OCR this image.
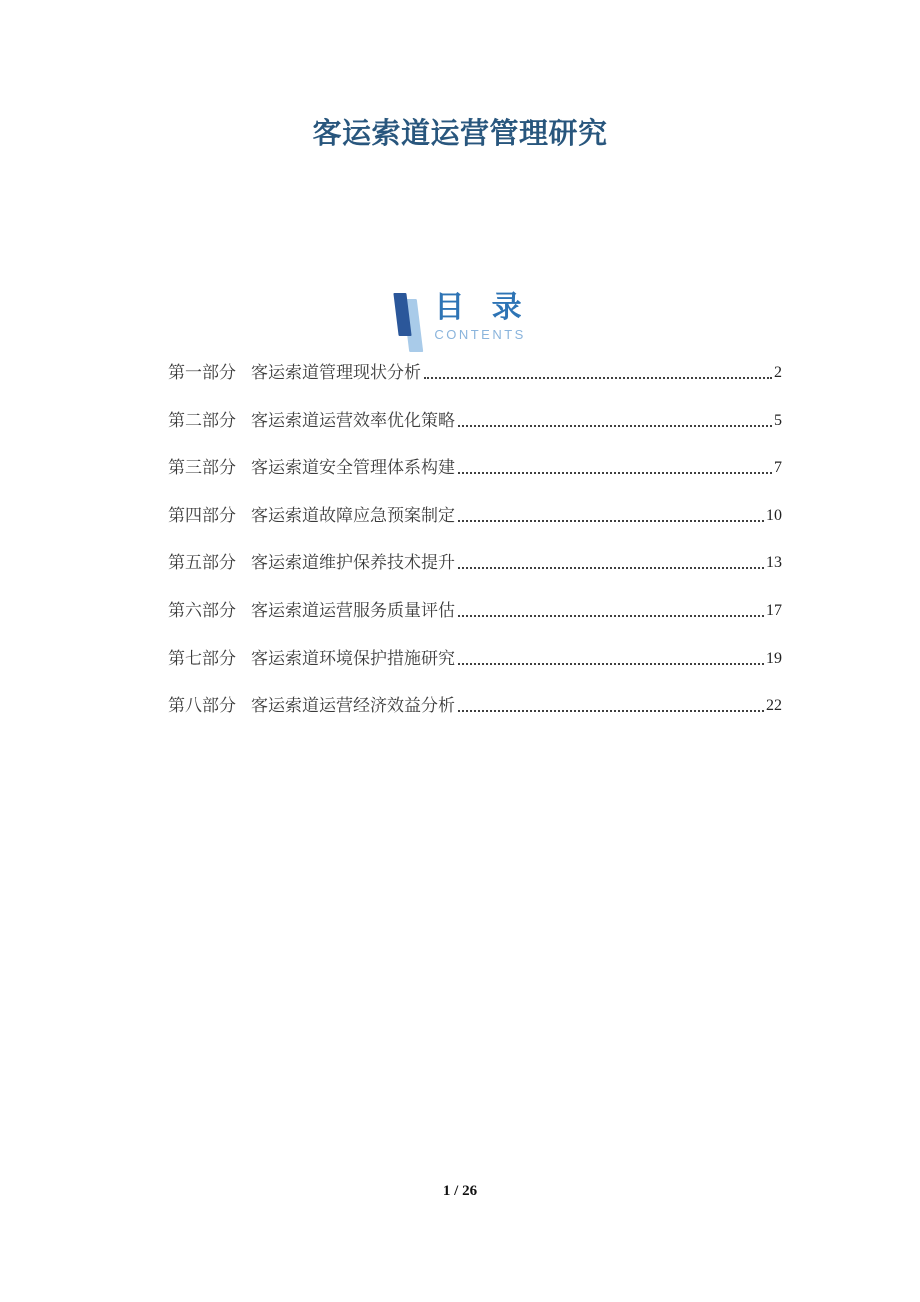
客运索道运营管理研究
目 录
CONTENTS
第一部分 客运索道管理现状分析	2
第二部分 客运索道运营效率优化策略	5
第三部分 客运索道安全管理体系构建	7
第四部分 客运索道故障应急预案制定	10
第五部分 客运索道维护保养技术提升	13
第六部分 客运索道运营服务质量评估	17
第七部分 客运索道环境保护措施研究	19
第八部分 客运索道运营经济效益分析	22
1 / 26
